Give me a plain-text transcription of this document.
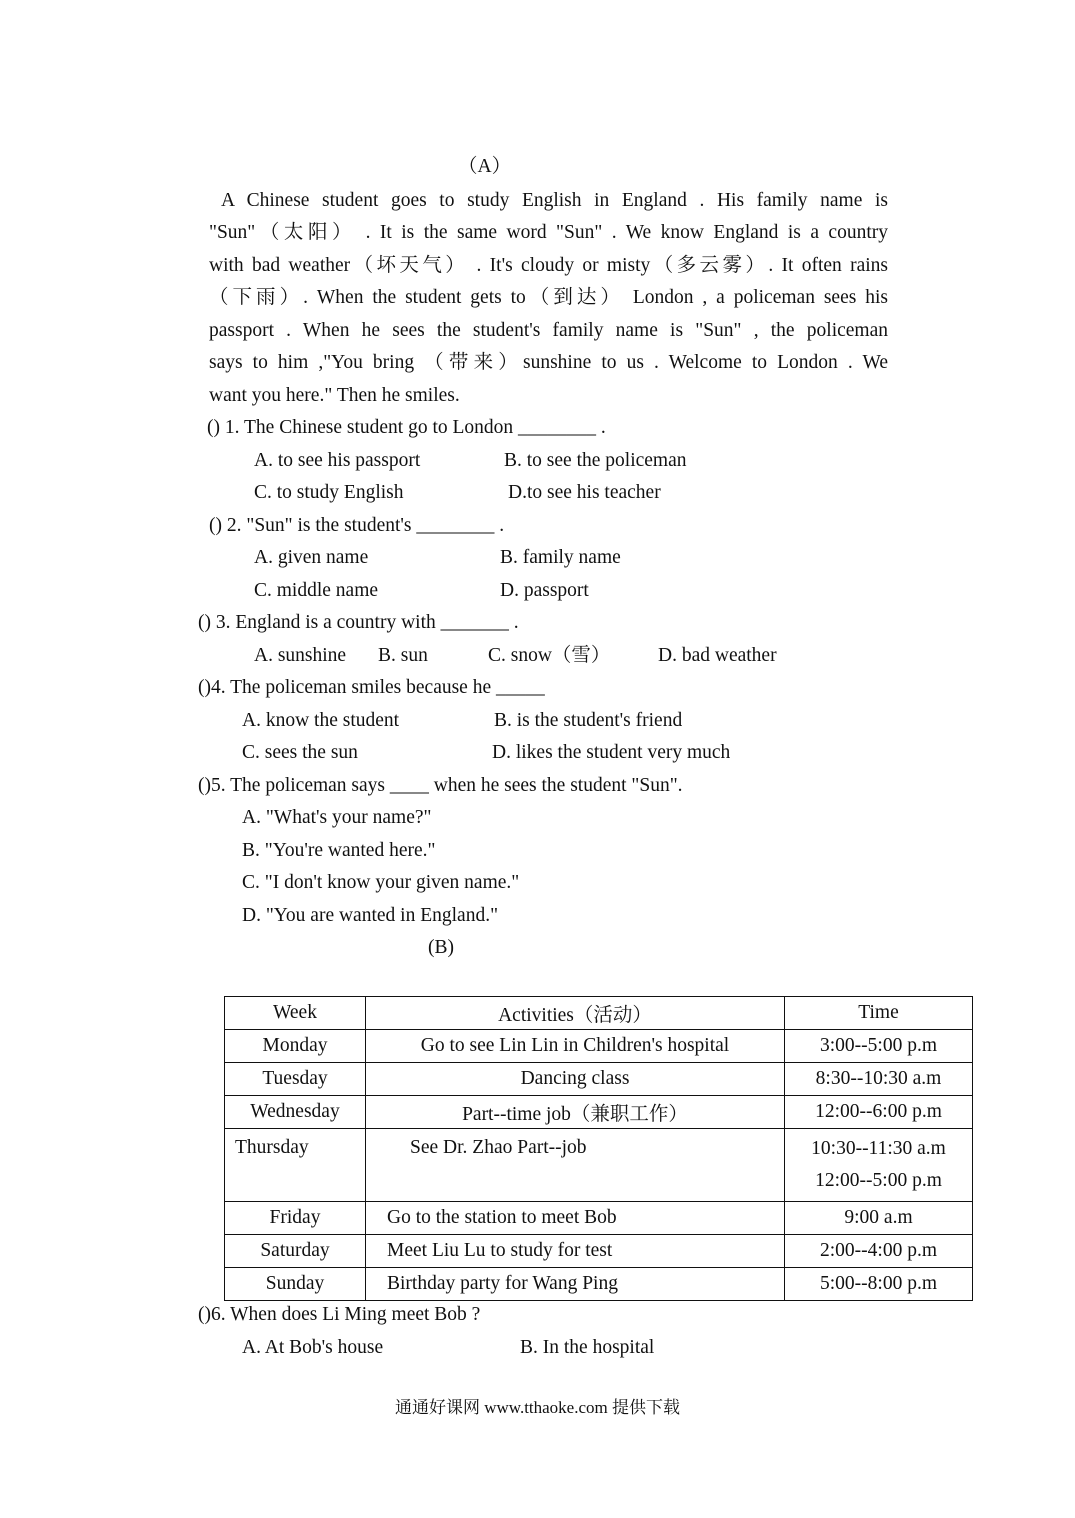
（A）
A Chinese student goes to study English in England . His family name is
"Sun"（太阳） . It is the same word "Sun" . We know England is a country
with bad weather（坏天气） . It's cloudy or misty（多云雾）. It often rains
（下雨）. When the student gets to（到达） London , a policeman sees his
passport . When he sees the student's family name is "Sun" , the policeman
says to him ,"You bring （带来）sunshine to us . Welcome to London . We
want you here." Then he smiles.
() 1. The Chinese student go to London ________ .
A. to see his passport	B. to see the policeman
C. to study English	D.to see his teacher
() 2. "Sun" is the student's ________ .
A. given name	B. family name
C. middle name	D. passport
() 3. England is a country with _______ .
A. sunshine B. sun	C. snow（雪） D. bad weather
()4. The policeman smiles because he _____
A. know the student	B. is the student's friend
C. sees the sun	D. likes the student very much
()5. The policeman says ____ when he sees the student "Sun".
A. "What's your name?"
B. "You're wanted here."
C. "I don't know your given name."
D. "You are wanted in England."
(B)
Week	Activities（活动）	Time
Monday	Go to see Lin Lin in Children's hospital	3:00--5:00 p.m
Tuesday	Dancing class	8:30--10:30 a.m
Wednesday	Part--time job（兼职工作）	12:00--6:00 p.m
Thursday	See Dr. Zhao Part--job	10:30--11:30 a.m
12:00--5:00 p.m

Friday	Go to the station to meet Bob	9:00 a.m
Saturday	Meet Liu Lu to study for test	2:00--4:00 p.m
Sunday	Birthday party for Wang Ping	5:00--8:00 p.m
()6. When does Li Ming meet Bob ?
A. At Bob's house	B. In the hospital
通通好课网 www.tthaoke.com 提供下载
